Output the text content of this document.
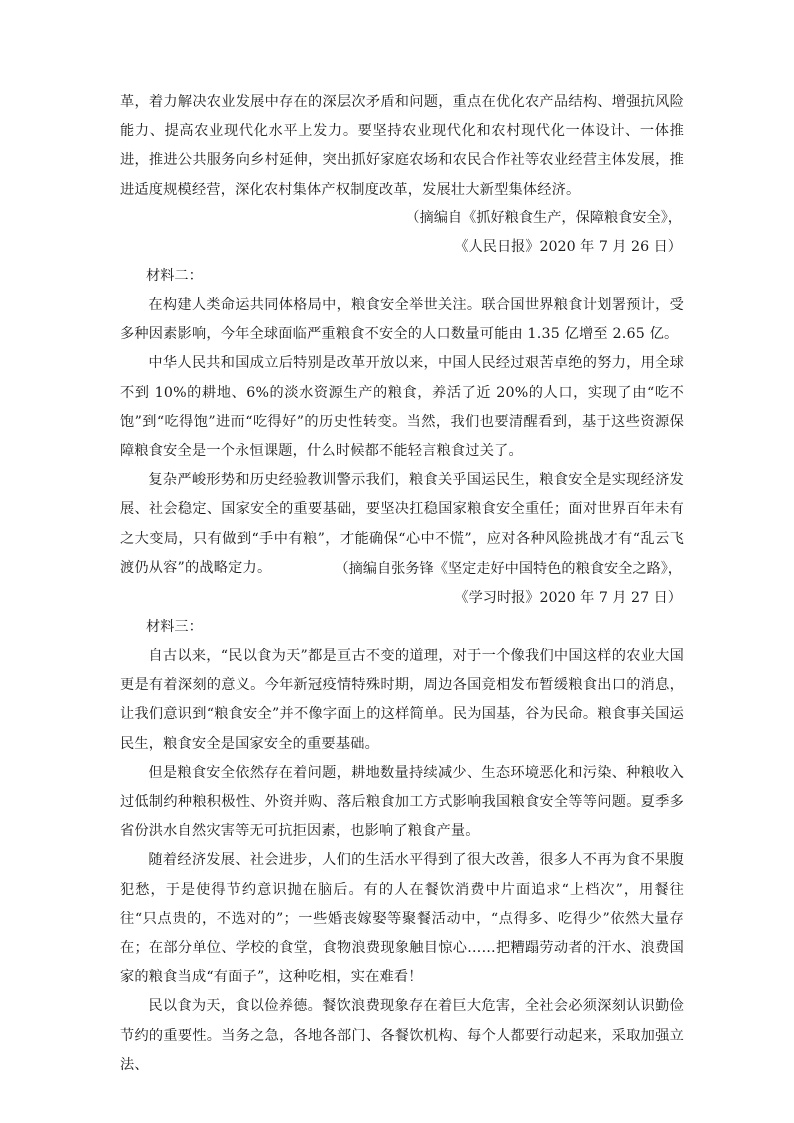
革，着力解决农业发展中存在的深层次矛盾和问题，重点在优化农产品结构、增强抗风险能力、提高农业现代化水平上发力。要坚持农业现代化和农村现代化一体设计、一体推进，推进公共服务向乡村延伸，突出抓好家庭农场和农民合作社等农业经营主体发展，推进适度规模经营，深化农村集体产权制度改革，发展壮大新型集体经济。

（摘编自《抓好粮食生产，保障粮食安全》，
《人民日报》2020 年 7 月 26 日）
材料二：

在构建人类命运共同体格局中，粮食安全举世关注。联合国世界粮食计划署预计，受多种因素影响，今年全球面临严重粮食不安全的人口数量可能由 1.35 亿增至 2.65 亿。

中华人民共和国成立后特别是改革开放以来，中国人民经过艰苦卓绝的努力，用全球不到 10%的耕地、6%的淡水资源生产的粮食，养活了近 20%的人口，实现了由“吃不饱”到“吃得饱”进而“吃得好”的历史性转变。当然，我们也要清醒看到，基于这些资源保障粮食安全是一个永恒课题，什么时候都不能轻言粮食过关了。

复杂严峻形势和历史经验教训警示我们，粮食关乎国运民生，粮食安全是实现经济发展、社会稳定、国家安全的重要基础，要坚决扛稳国家粮食安全重任；面对世界百年未有之大变局，只有做到“手中有粮”，才能确保“心中不慌”，应对各种风险挑战才有“乱云飞渡仍从容”的战略定力。	（摘编自张务锋《坚定走好中国特色的粮食安全之路》，
《学习时报》2020 年 7 月 27 日）
材料三：

自古以来，“民以食为天”都是亘古不变的道理，对于一个像我们中国这样的农业大国更是有着深刻的意义。今年新冠疫情特殊时期，周边各国竞相发布暂缓粮食出口的消息，让我们意识到“粮食安全”并不像字面上的这样简单。民为国基，谷为民命。粮食事关国运民生，粮食安全是国家安全的重要基础。

但是粮食安全依然存在着问题，耕地数量持续减少、生态环境恶化和污染、种粮收入过低制约种粮积极性、外资并购、落后粮食加工方式影响我国粮食安全等等问题。夏季多省份洪水自然灾害等无可抗拒因素，也影响了粮食产量。

随着经济发展、社会进步，人们的生活水平得到了很大改善，很多人不再为食不果腹犯愁，于是使得节约意识抛在脑后。有的人在餐饮消费中片面追求“上档次”，用餐往往“只点贵的，不选对的”；一些婚丧嫁娶等聚餐活动中，“点得多、吃得少”依然大量存在；在部分单位、学校的食堂，食物浪费现象触目惊心……把糟蹋劳动者的汗水、浪费国家的粮食当成“有面子”，这种吃相，实在难看！

民以食为天，食以俭养德。餐饮浪费现象存在着巨大危害，全社会必须深刻认识勤俭节约的重要性。当务之急，各地各部门、各餐饮机构、每个人都要行动起来，采取加强立法、
